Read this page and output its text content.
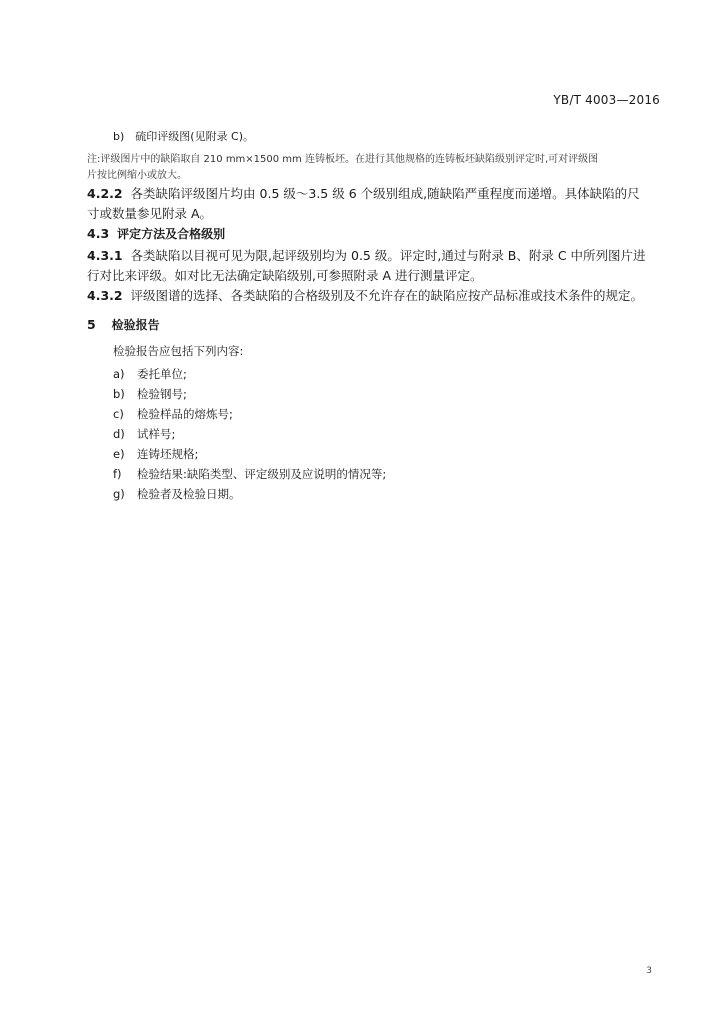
YB/T 4003—2016
b)　硫印评级图(见附录 C)。
注:评级图片中的缺陷取自 210 mm×1500 mm 连铸板坯。在进行其他规格的连铸板坯缺陷级别评定时,可对评级图
片按比例缩小或放大。
4.2.2 各类缺陷评级图片均由 0.5 级～3.5 级 6 个级别组成,随缺陷严重程度而递增。具体缺陷的尺
寸或数量参见附录 A。
4.3 评定方法及合格级别
4.3.1 各类缺陷以目视可见为限,起评级别均为 0.5 级。评定时,通过与附录 B、附录 C 中所列图片进
行对比来评级。如对比无法确定缺陷级别,可参照附录 A 进行测量评定。
4.3.2 评级图谱的选择、各类缺陷的合格级别及不允许存在的缺陷应按产品标准或技术条件的规定。
5 检验报告
检验报告应包括下列内容:
a) 委托单位;
b) 检验钢号;
c) 检验样品的熔炼号;
d) 试样号;
e) 连铸坯规格;
f) 检验结果:缺陷类型、评定级别及应说明的情况等;
g) 检验者及检验日期。
3
